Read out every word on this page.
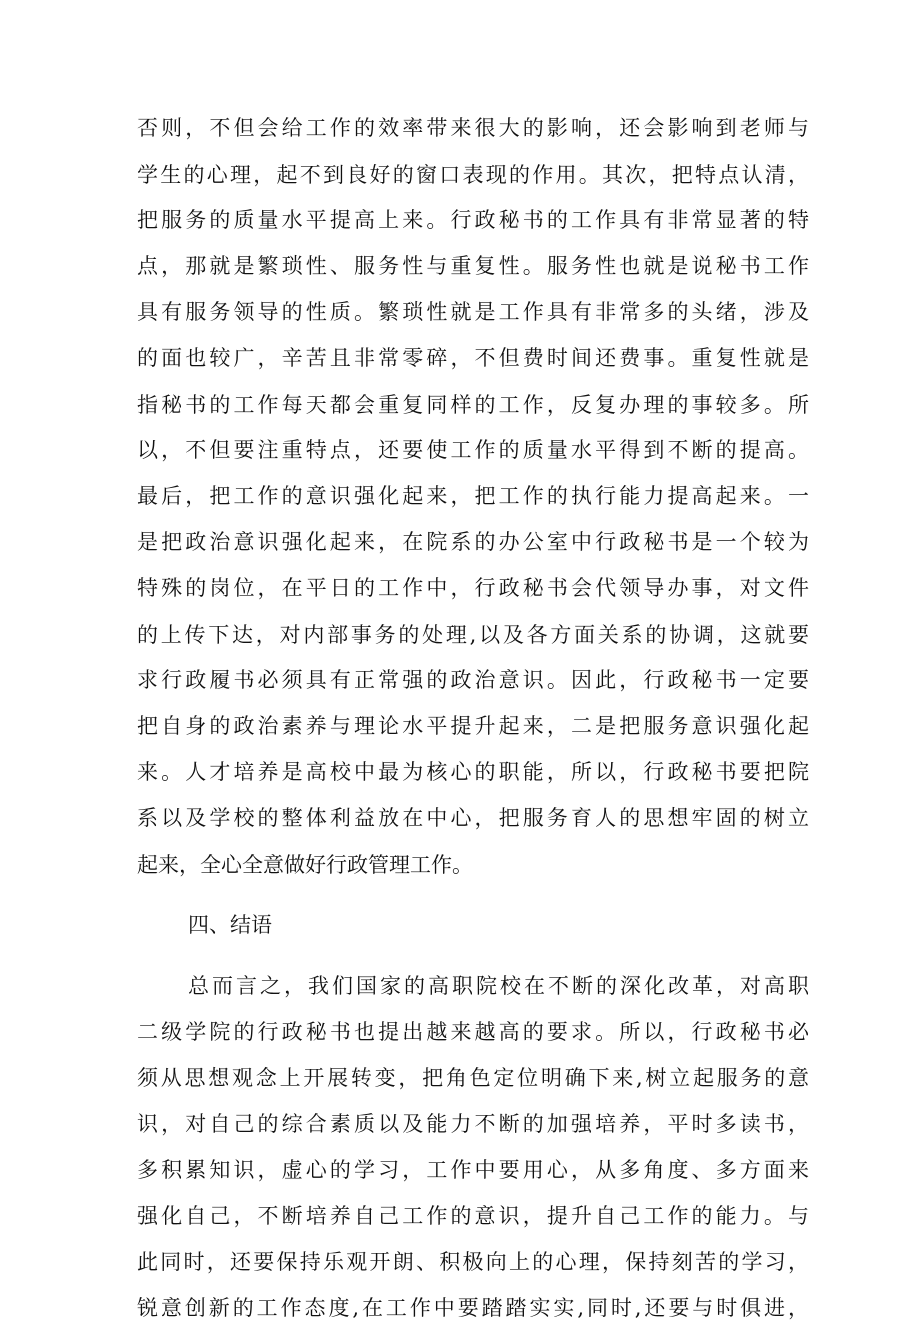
否则，不但会给工作的效率带来很大的影响，还会影响到老师与
学生的心理，起不到良好的窗口表现的作用。其次，把特点认清，
把服务的质量水平提高上来。行政秘书的工作具有非常显著的特
点，那就是繁琐性、服务性与重复性。服务性也就是说秘书工作
具有服务领导的性质。繁琐性就是工作具有非常多的头绪，涉及
的面也较广，辛苦且非常零碎，不但费时间还费事。重复性就是
指秘书的工作每天都会重复同样的工作，反复办理的事较多。所
以，不但要注重特点，还要使工作的质量水平得到不断的提高。
最后，把工作的意识强化起来，把工作的执行能力提高起来。一
是把政治意识强化起来，在院系的办公室中行政秘书是一个较为
特殊的岗位，在平日的工作中，行政秘书会代领导办事，对文件
的上传下达，对内部事务的处理,以及各方面关系的协调，这就要
求行政履书必须具有正常强的政治意识。因此，行政秘书一定要
把自身的政治素养与理论水平提升起来，二是把服务意识强化起
来。人才培养是高校中最为核心的职能，所以，行政秘书要把院
系以及学校的整体利益放在中心，把服务育人的思想牢固的树立
起来，全心全意做好行政管理工作。
四、结语
总而言之，我们国家的高职院校在不断的深化改革，对高职
二级学院的行政秘书也提出越来越高的要求。所以，行政秘书必
须从思想观念上开展转变，把角色定位明确下来,树立起服务的意
识，对自己的综合素质以及能力不断的加强培养，平时多读书，
多积累知识，虚心的学习，工作中要用心，从多角度、多方面来
强化自己，不断培养自己工作的意识，提升自己工作的能力。与
此同时，还要保持乐观开朗、积极向上的心理，保持刻苦的学习，
锐意创新的工作态度,在工作中要踏踏实实,同时,还要与时俱进，
